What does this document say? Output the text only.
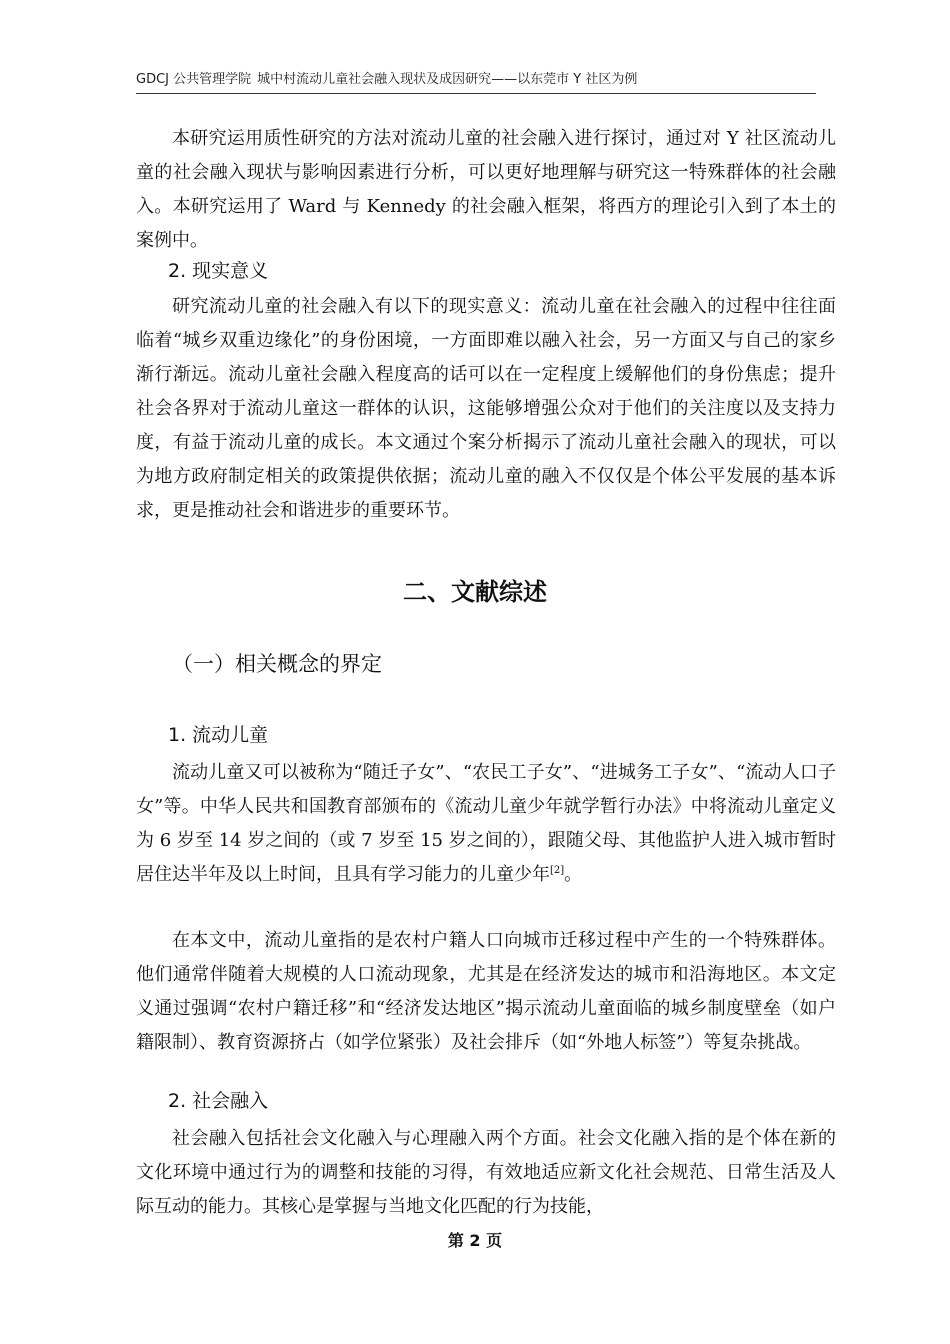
GDCJ 公共管理学院 城中村流动儿童社会融入现状及成因研究——以东莞市 Y 社区为例

本研究运用质性研究的方法对流动儿童的社会融入进行探讨，通过对 Y 社区流动儿童的社会融入现状与影响因素进行分析，可以更好地理解与研究这一特殊群体的社会融入。本研究运用了 Ward 与 Kennedy 的社会融入框架，将西方的理论引入到了本土的案例中。

2. 现实意义

研究流动儿童的社会融入有以下的现实意义：流动儿童在社会融入的过程中往往面临着“城乡双重边缘化”的身份困境，一方面即难以融入社会，另一方面又与自己的家乡渐行渐远。流动儿童社会融入程度高的话可以在一定程度上缓解他们的身份焦虑；提升社会各界对于流动儿童这一群体的认识，这能够增强公众对于他们的关注度以及支持力度，有益于流动儿童的成长。本文通过个案分析揭示了流动儿童社会融入的现状，可以为地方政府制定相关的政策提供依据；流动儿童的融入不仅仅是个体公平发展的基本诉求，更是推动社会和谐进步的重要环节。

二、文献综述
（一）相关概念的界定
1. 流动儿童

流动儿童又可以被称为“随迁子女”、“农民工子女”、“进城务工子女”、“流动人口子女”等。中华人民共和国教育部颁布的《流动儿童少年就学暂行办法》中将流动儿童定义为 6 岁至 14 岁之间的（或 7 岁至 15 岁之间的），跟随父母、其他监护人进入城市暂时居住达半年及以上时间，且具有学习能力的儿童少年[2]。

在本文中，流动儿童指的是农村户籍人口向城市迁移过程中产生的一个特殊群体。他们通常伴随着大规模的人口流动现象，尤其是在经济发达的城市和沿海地区。本文定义通过强调“农村户籍迁移”和“经济发达地区”揭示流动儿童面临的城乡制度壁垒（如户籍限制）、教育资源挤占（如学位紧张）及社会排斥（如“外地人标签”）等复杂挑战。

2. 社会融入

社会融入包括社会文化融入与心理融入两个方面。社会文化融入指的是个体在新的文化环境中通过行为的调整和技能的习得，有效地适应新文化社会规范、日常生活及人际互动的能力。其核心是掌握与当地文化匹配的行为技能，

第 2 页
